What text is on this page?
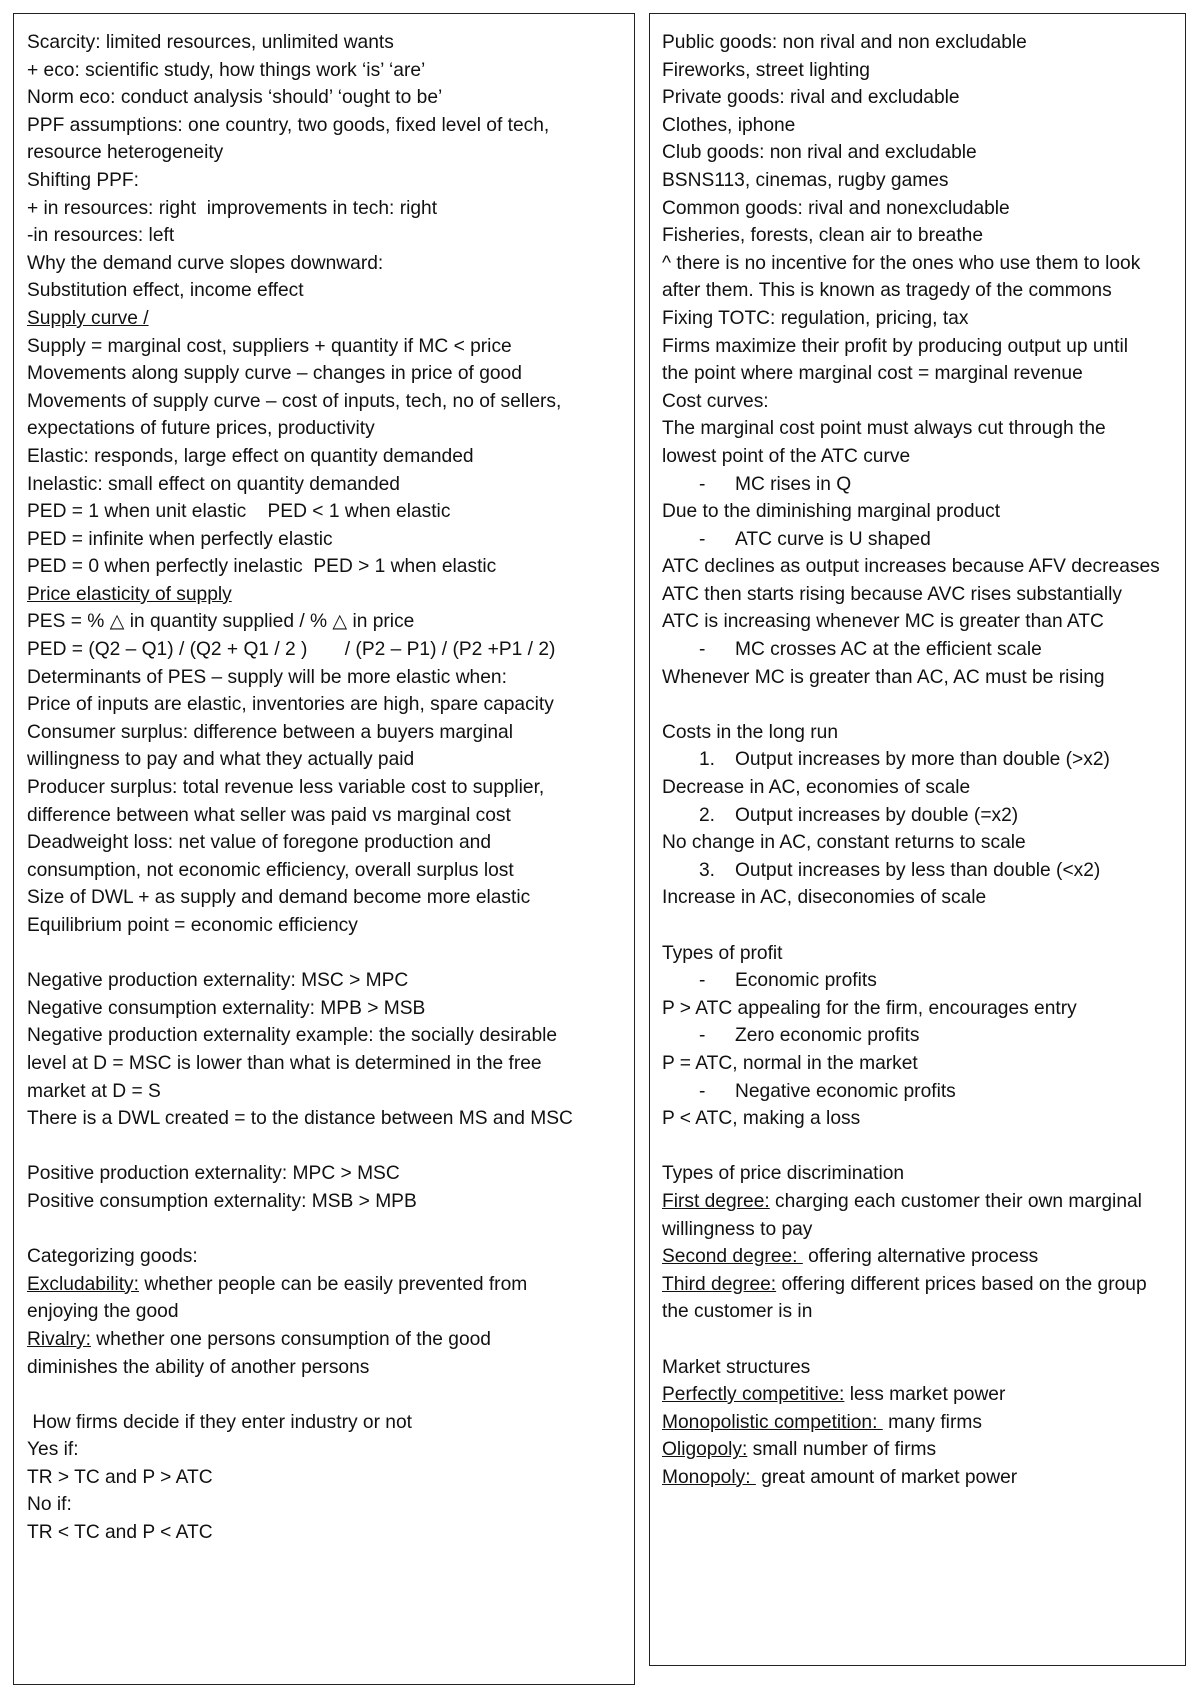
Scarcity: limited resources, unlimited wants
+ eco: scientific study, how things work ‘is’ ‘are’
Norm eco: conduct analysis ‘should’ ‘ought to be’
PPF assumptions: one country, two goods, fixed level of tech,
resource heterogeneity
Shifting PPF:
+ in resources: right  improvements in tech: right
-in resources: left
Why the demand curve slopes downward:
Substitution effect, income effect
Supply curve /
Supply = marginal cost, suppliers + quantity if MC < price
Movements along supply curve – changes in price of good
Movements of supply curve – cost of inputs, tech, no of sellers,
expectations of future prices, productivity
Elastic: responds, large effect on quantity demanded
Inelastic: small effect on quantity demanded
PED = 1 when unit elastic    PED < 1 when elastic
PED = infinite when perfectly elastic
PED = 0 when perfectly inelastic  PED > 1 when elastic
Price elasticity of supply
PES = % △ in quantity supplied / % △ in price
PED = (Q2 – Q1) / (Q2 + Q1 / 2 )       / (P2 – P1) / (P2 +P1 / 2)
Determinants of PES – supply will be more elastic when:
Price of inputs are elastic, inventories are high, spare capacity
Consumer surplus: difference between a buyers marginal
willingness to pay and what they actually paid
Producer surplus: total revenue less variable cost to supplier,
difference between what seller was paid vs marginal cost
Deadweight loss: net value of foregone production and
consumption, not economic efficiency, overall surplus lost
Size of DWL + as supply and demand become more elastic
Equilibrium point = economic efficiency
Negative production externality: MSC > MPC
Negative consumption externality: MPB > MSB
Negative production externality example: the socially desirable
level at D = MSC is lower than what is determined in the free
market at D = S
There is a DWL created = to the distance between MS and MSC
Positive production externality: MPC > MSC
Positive consumption externality: MSB > MPB
Categorizing goods:
Excludability: whether people can be easily prevented from
enjoying the good
Rivalry: whether one persons consumption of the good
diminishes the ability of another persons
How firms decide if they enter industry or not
Yes if:
TR > TC and P > ATC
No if:
TR < TC and P < ATC
Public goods: non rival and non excludable
Fireworks, street lighting
Private goods: rival and excludable
Clothes, iphone
Club goods: non rival and excludable
BSNS113, cinemas, rugby games
Common goods: rival and nonexcludable
Fisheries, forests, clean air to breathe
^ there is no incentive for the ones who use them to look
after them. This is known as tragedy of the commons
Fixing TOTC: regulation, pricing, tax
Firms maximize their profit by producing output up until
the point where marginal cost = marginal revenue
Cost curves:
The marginal cost point must always cut through the
lowest point of the ATC curve
- MC rises in Q
Due to the diminishing marginal product
- ATC curve is U shaped
ATC declines as output increases because AFV decreases
ATC then starts rising because AVC rises substantially
ATC is increasing whenever MC is greater than ATC
- MC crosses AC at the efficient scale
Whenever MC is greater than AC, AC must be rising
Costs in the long run
1. Output increases by more than double (>x2)
Decrease in AC, economies of scale
2. Output increases by double (=x2)
No change in AC, constant returns to scale
3. Output increases by less than double (<x2)
Increase in AC, diseconomies of scale
Types of profit
- Economic profits
P > ATC appealing for the firm, encourages entry
- Zero economic profits
P = ATC, normal in the market
- Negative economic profits
P < ATC, making a loss
Types of price discrimination
First degree: charging each customer their own marginal
willingness to pay
Second degree:  offering alternative process
Third degree: offering different prices based on the group
the customer is in
Market structures
Perfectly competitive: less market power
Monopolistic competition:  many firms
Oligopoly: small number of firms
Monopoly:  great amount of market power
